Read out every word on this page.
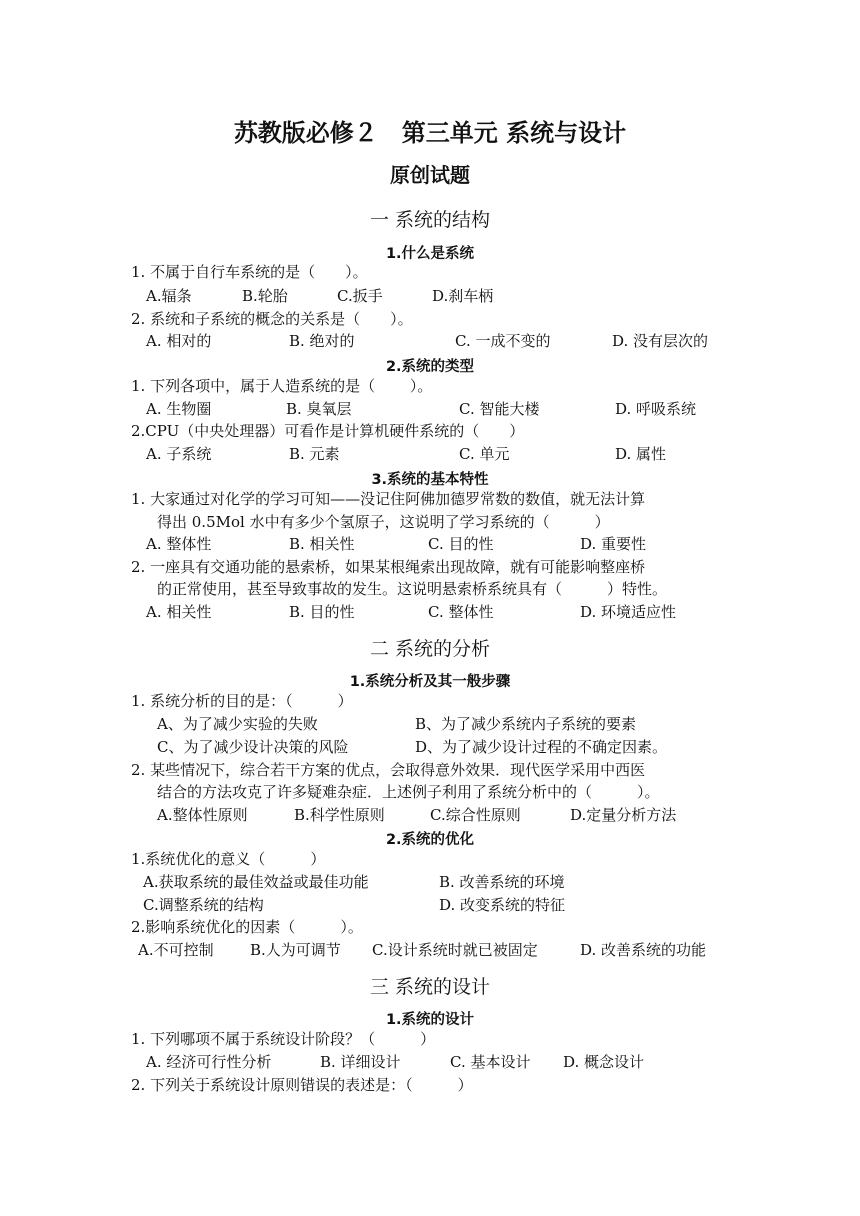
苏教版必修２　第三单元 系统与设计
原创试题
一 系统的结构
1.什么是系统
1. 不属于自行车系统的是（　　）。
A.辐条	B.轮胎	C.扳手	D.刹车柄
2. 系统和子系统的概念的关系是（　　）。
A. 相对的	B. 绝对的	C. 一成不变的	D. 没有层次的
2.系统的类型
1. 下列各项中，属于人造系统的是（　　 ）。
A. 生物圈	B. 臭氧层	C. 智能大楼	D. 呼吸系统
2.CPU（中央处理器）可看作是计算机硬件系统的（　　）
A. 子系统	B. 元素	C. 单元	D. 属性
3.系统的基本特性
1. 大家通过对化学的学习可知——没记住阿佛加德罗常数的数值，就无法计算
得出 0.5Mol 水中有多少个氢原子，这说明了学习系统的（　　　）
A. 整体性	B. 相关性	C. 目的性	D. 重要性
2. 一座具有交通功能的悬索桥，如果某根绳索出现故障，就有可能影响整座桥
的正常使用，甚至导致事故的发生。这说明悬索桥系统具有（　　　）特性。
A. 相关性	B. 目的性	C. 整体性	D. 环境适应性
二 系统的分析
1.系统分析及其一般步骤
1. 系统分析的目的是：（　　　）
A、为了减少实验的失败	B、为了减少系统内子系统的要素
C、为了减少设计决策的风险	D、为了减少设计过程的不确定因素。
2. 某些情况下，综合若干方案的优点，会取得意外效果．现代医学采用中西医
结合的方法攻克了许多疑难杂症．上述例子利用了系统分析中的（　　　）。
A.整体性原则	B.科学性原则	C.综合性原则	D.定量分析方法
2.系统的优化
1.系统优化的意义（　　　）
A.获取系统的最佳效益或最佳功能	B. 改善系统的环境
C.调整系统的结构	D. 改变系统的特征
2.影响系统优化的因素（　　　）。
A.不可控制 B.人为可调节 C.设计系统时就已被固定	D. 改善系统的功能
三 系统的设计
1.系统的设计
1. 下列哪项不属于系统设计阶段？（　　　）
A. 经济可行性分析	B. 详细设计	C. 基本设计 D. 概念设计
2. 下列关于系统设计原则错误的表述是：（　　　）
